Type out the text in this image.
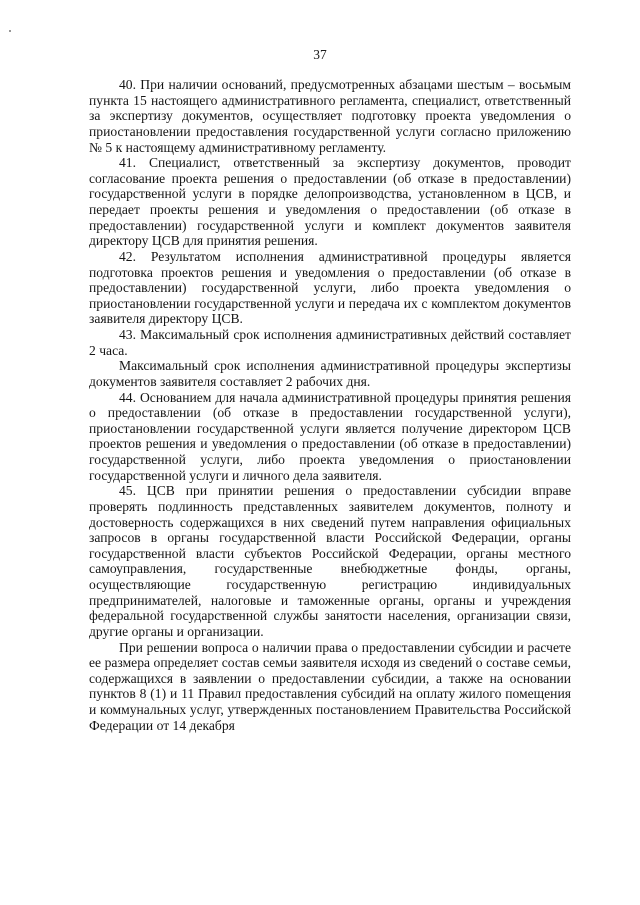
37

40. При наличии оснований, предусмотренных абзацами шестым – восьмым пункта 15 настоящего административного регламента, специалист, ответственный за экспертизу документов, осуществляет подготовку проекта уведомления о приостановлении предоставления государственной услуги согласно приложению № 5 к настоящему административному регламенту.

41. Специалист, ответственный за экспертизу документов, проводит согласование проекта решения о предоставлении (об отказе в предоставлении) государственной услуги в порядке делопроизводства, установленном в ЦСВ, и передает проекты решения и уведомления о предоставлении (об отказе в предоставлении) государственной услуги и комплект документов заявителя директору ЦСВ для принятия решения.

42. Результатом исполнения административной процедуры является подготовка проектов решения и уведомления о предоставлении (об отказе в предоставлении) государственной услуги, либо проекта уведомления о приостановлении государственной услуги и передача их с комплектом документов заявителя директору ЦСВ.

43. Максимальный срок исполнения административных действий составляет 2 часа.

Максимальный срок исполнения административной процедуры экспертизы документов заявителя составляет 2 рабочих дня.

44. Основанием для начала административной процедуры принятия решения о предоставлении (об отказе в предоставлении государственной услуги), приостановлении государственной услуги является получение директором ЦСВ проектов решения и уведомления о предоставлении (об отказе в предоставлении) государственной услуги, либо проекта уведомления о приостановлении государственной услуги и личного дела заявителя.

45. ЦСВ при принятии решения о предоставлении субсидии вправе проверять подлинность представленных заявителем документов, полноту и достоверность содержащихся в них сведений путем направления официальных запросов в органы государственной власти Российской Федерации, органы государственной власти субъектов Российской Федерации, органы местного самоуправления, государственные внебюджетные фонды, органы, осуществляющие государственную регистрацию индивидуальных предпринимателей, налоговые и таможенные органы, органы и учреждения федеральной государственной службы занятости населения, организации связи, другие органы и организации.

При решении вопроса о наличии права о предоставлении субсидии и расчете ее размера определяет состав семьи заявителя исходя из сведений о составе семьи, содержащихся в заявлении о предоставлении субсидии, а также на основании пунктов 8 (1) и 11 Правил предоставления субсидий на оплату жилого помещения и коммунальных услуг, утвержденных постановлением Правительства Российской Федерации от 14 декабря
